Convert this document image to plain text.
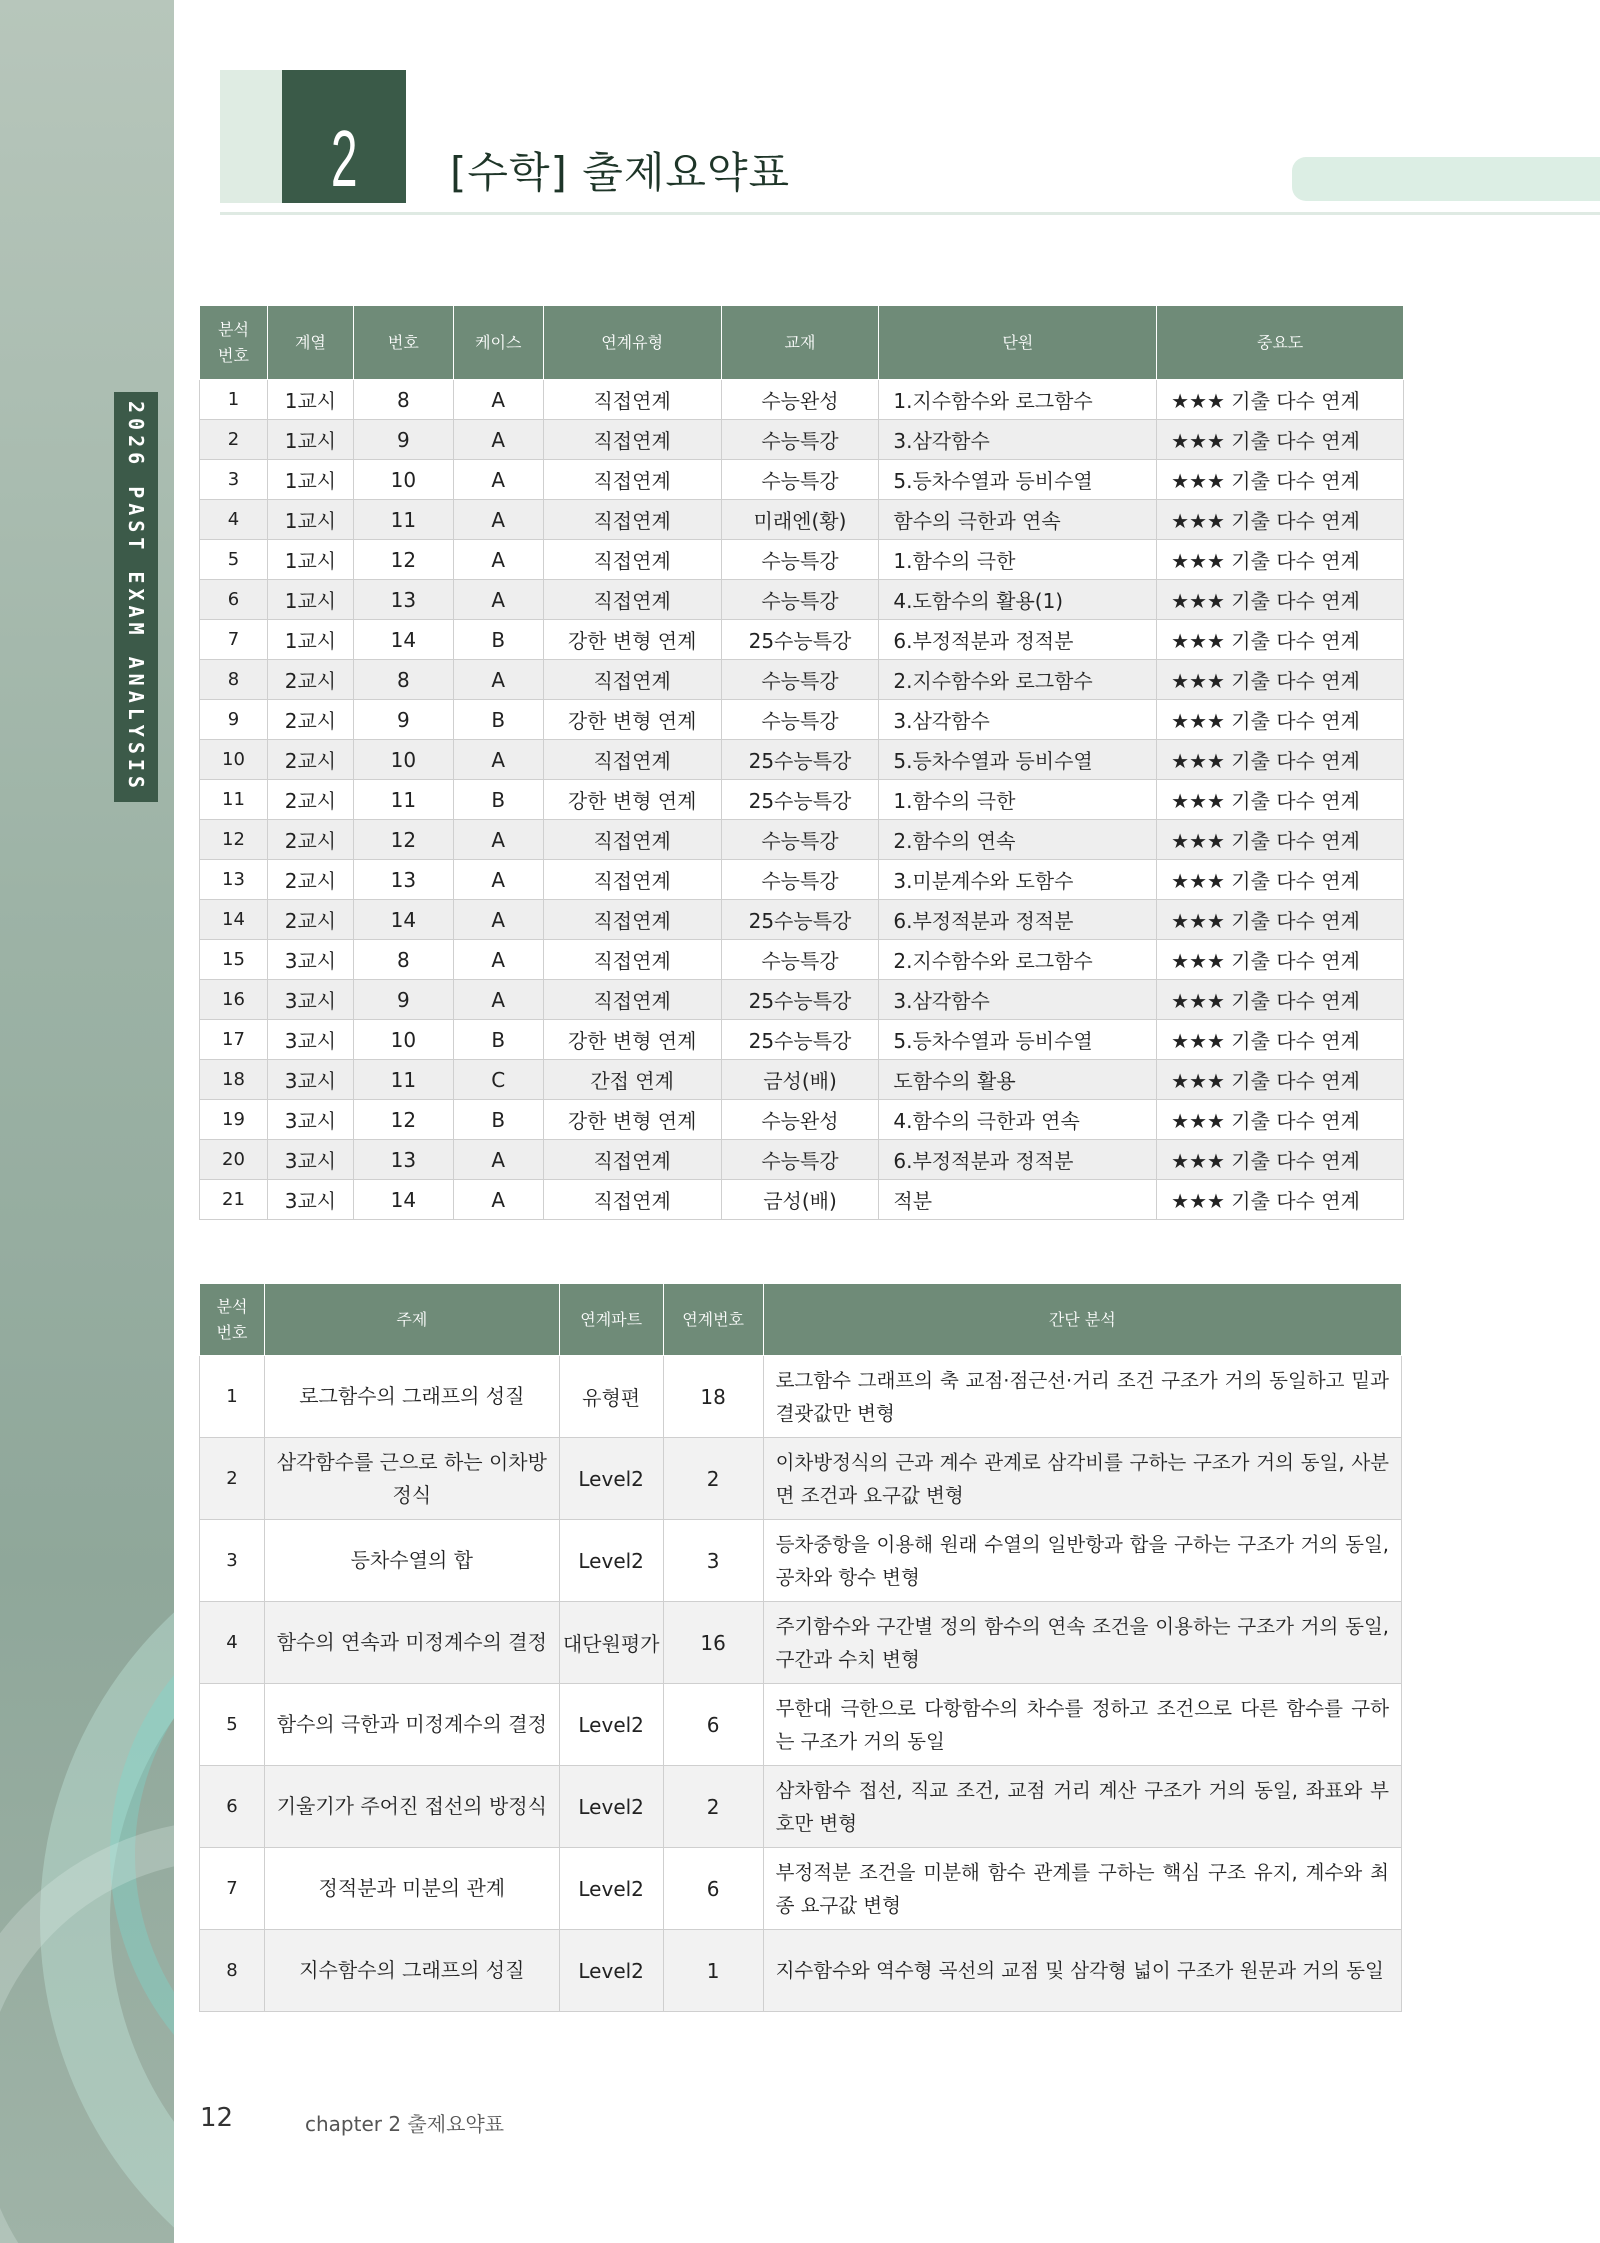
2026 PAST EXAM ANALYSIS
2 [수학] 출제요약표
분석
번호	계열	번호	케이스	연계유형	교재	단원	중요도
1	1교시	8	A	직접연계	수능완성	1.지수함수와 로그함수	★★★ 기출 다수 연계
2	1교시	9	A	직접연계	수능특강	3.삼각함수	★★★ 기출 다수 연계
3	1교시	10	A	직접연계	수능특강	5.등차수열과 등비수열	★★★ 기출 다수 연계
4	1교시	11	A	직접연계	미래엔(황)	함수의 극한과 연속	★★★ 기출 다수 연계
5	1교시	12	A	직접연계	수능특강	1.함수의 극한	★★★ 기출 다수 연계
6	1교시	13	A	직접연계	수능특강	4.도함수의 활용(1)	★★★ 기출 다수 연계
7	1교시	14	B	강한 변형 연계	25수능특강	6.부정적분과 정적분	★★★ 기출 다수 연계
8	2교시	8	A	직접연계	수능특강	2.지수함수와 로그함수	★★★ 기출 다수 연계
9	2교시	9	B	강한 변형 연계	수능특강	3.삼각함수	★★★ 기출 다수 연계
10	2교시	10	A	직접연계	25수능특강	5.등차수열과 등비수열	★★★ 기출 다수 연계
11	2교시	11	B	강한 변형 연계	25수능특강	1.함수의 극한	★★★ 기출 다수 연계
12	2교시	12	A	직접연계	수능특강	2.함수의 연속	★★★ 기출 다수 연계
13	2교시	13	A	직접연계	수능특강	3.미분계수와 도함수	★★★ 기출 다수 연계
14	2교시	14	A	직접연계	25수능특강	6.부정적분과 정적분	★★★ 기출 다수 연계
15	3교시	8	A	직접연계	수능특강	2.지수함수와 로그함수	★★★ 기출 다수 연계
16	3교시	9	A	직접연계	25수능특강	3.삼각함수	★★★ 기출 다수 연계
17	3교시	10	B	강한 변형 연계	25수능특강	5.등차수열과 등비수열	★★★ 기출 다수 연계
18	3교시	11	C	간접 연계	금성(배)	도함수의 활용	★★★ 기출 다수 연계
19	3교시	12	B	강한 변형 연계	수능완성	4.함수의 극한과 연속	★★★ 기출 다수 연계
20	3교시	13	A	직접연계	수능특강	6.부정적분과 정적분	★★★ 기출 다수 연계
21	3교시	14	A	직접연계	금성(배)	적분	★★★ 기출 다수 연계
분석
번호	주제	연계파트	연계번호	간단 분석
1	로그함수의 그래프의 성질	유형편	18	로그함수 그래프의 축 교점·점근선·거리 조건 구조가 거의 동일하고 밑과 결괏값만 변형
2	삼각함수를 근으로 하는 이차방정식	Level2	2	이차방정식의 근과 계수 관계로 삼각비를 구하는 구조가 거의 동일, 사분면 조건과 요구값 변형
3	등차수열의 합	Level2	3	등차중항을 이용해 원래 수열의 일반항과 합을 구하는 구조가 거의 동일, 공차와 항수 변형
4	함수의 연속과 미정계수의 결정	대단원평가	16	주기함수와 구간별 정의 함수의 연속 조건을 이용하는 구조가 거의 동일, 구간과 수치 변형
5	함수의 극한과 미정계수의 결정	Level2	6	무한대 극한으로 다항함수의 차수를 정하고 조건으로 다른 함수를 구하는 구조가 거의 동일
6	기울기가 주어진 접선의 방정식	Level2	2	삼차함수 접선, 직교 조건, 교점 거리 계산 구조가 거의 동일, 좌표와 부호만 변형
7	정적분과 미분의 관계	Level2	6	부정적분 조건을 미분해 함수 관계를 구하는 핵심 구조 유지, 계수와 최종 요구값 변형
8	지수함수의 그래프의 성질	Level2	1	지수함수와 역수형 곡선의 교점 및 삼각형 넓이 구조가 원문과 거의 동일
12	chapter 2 출제요약표
